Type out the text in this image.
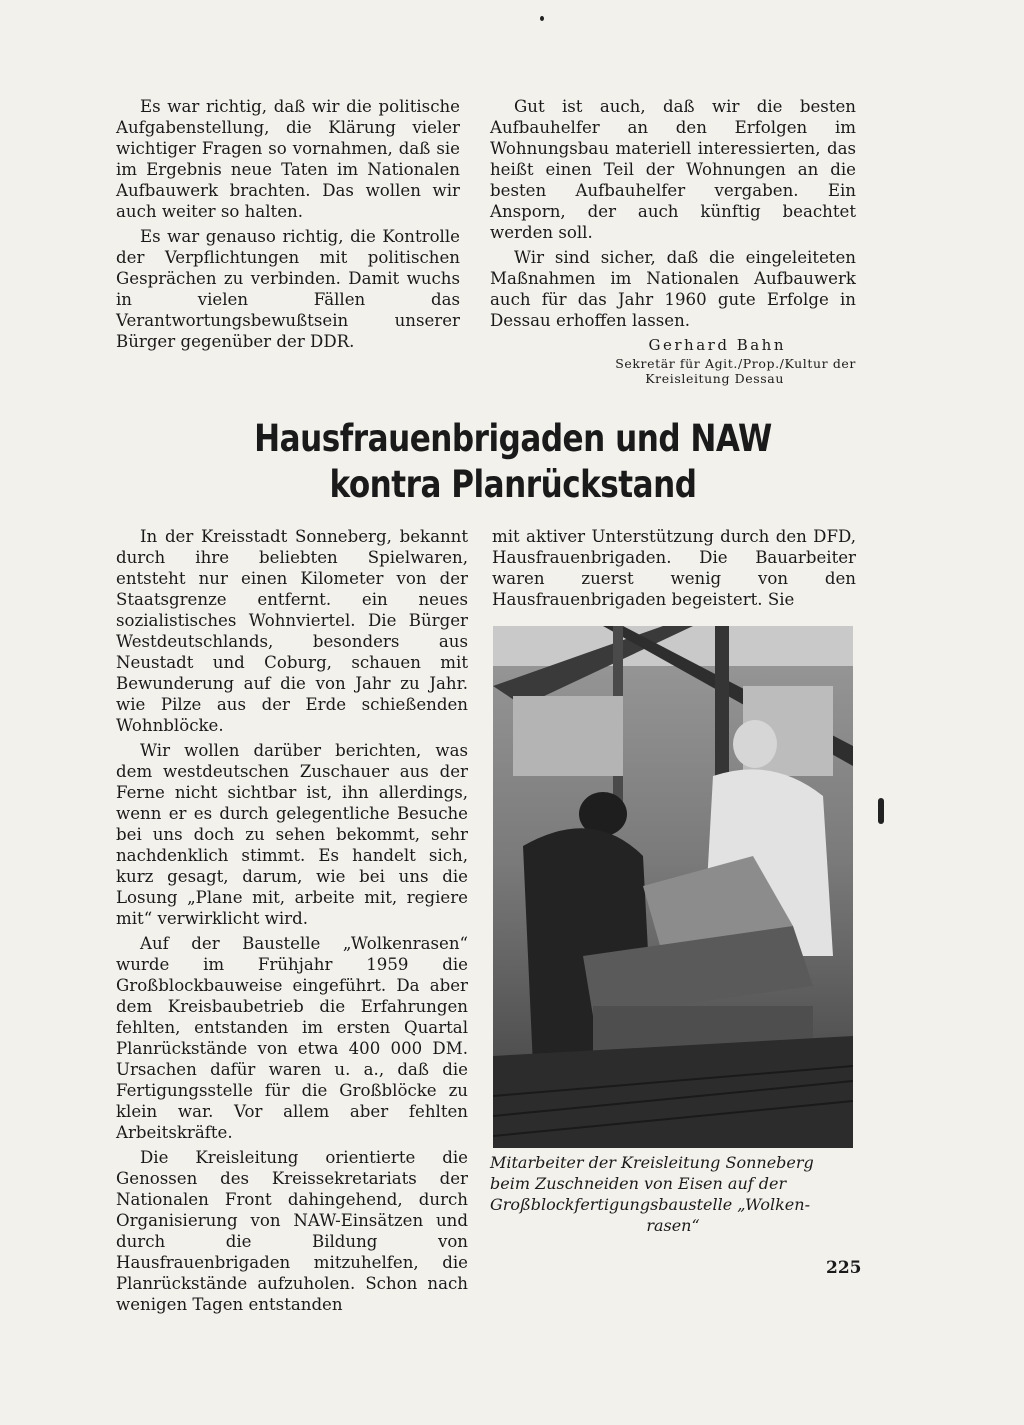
Es war richtig, daß wir die politische Aufgabenstellung, die Klärung vieler wichtiger Fragen so vornahmen, daß sie im Ergebnis neue Taten im Nationalen Aufbauwerk brachten. Das wollen wir auch weiter so halten.

Es war genauso richtig, die Kontrolle der Verpflichtungen mit politischen Gesprächen zu verbinden. Damit wuchs in vielen Fällen das Verantwortungsbewußtsein unserer Bürger gegenüber der DDR.

Gut ist auch, daß wir die besten Aufbauhelfer an den Erfolgen im Wohnungsbau materiell interessierten, das heißt einen Teil der Wohnungen an die besten Aufbauhelfer vergaben. Ein Ansporn, der auch künftig beachtet werden soll.

Wir sind sicher, daß die eingeleiteten Maßnahmen im Nationalen Aufbauwerk auch für das Jahr 1960 gute Erfolge in Dessau erhoffen lassen.

Gerhard Bahn
Sekretär für Agit./Prop./Kultur der
Kreisleitung Dessau
Hausfrauenbrigaden und NAW
kontra Planrückstand

In der Kreisstadt Sonneberg, bekannt durch ihre beliebten Spielwaren, entsteht nur einen Kilometer von der Staatsgrenze entfernt. ein neues sozialistisches Wohnviertel. Die Bürger Westdeutschlands, besonders aus Neustadt und Coburg, schauen mit Bewunderung auf die von Jahr zu Jahr. wie Pilze aus der Erde schießenden Wohnblöcke.

Wir wollen darüber berichten, was dem westdeutschen Zuschauer aus der Ferne nicht sichtbar ist, ihn allerdings, wenn er es durch gelegentliche Besuche bei uns doch zu sehen bekommt, sehr nachdenklich stimmt. Es handelt sich, kurz gesagt, darum, wie bei uns die Losung „Plane mit, arbeite mit, regiere mit“ verwirklicht wird.

Auf der Baustelle „Wolkenrasen“ wurde im Frühjahr 1959 die Großblockbauweise eingeführt. Da aber dem Kreisbaubetrieb die Erfahrungen fehlten, entstanden im ersten Quartal Planrückstände von etwa 400 000 DM. Ursachen dafür waren u. a., daß die Fertigungsstelle für die Großblöcke zu klein war. Vor allem aber fehlten Arbeitskräfte.

Die Kreisleitung orientierte die Genossen des Kreissekretariats der Nationalen Front dahingehend, durch Organisierung von NAW-Einsätzen und durch die Bildung von Hausfrauenbrigaden mitzuhelfen, die Planrückstände aufzuholen. Schon nach wenigen Tagen entstanden

mit aktiver Unterstützung durch den DFD, Hausfrauenbrigaden. Die Bauarbeiter waren zuerst wenig von den Hausfrauenbrigaden begeistert. Sie

Mitarbeiter der Kreisleitung Sonneberg
beim Zuschneiden von Eisen auf der
Großblockfertigungsbaustelle „Wolken-
rasen“
225
